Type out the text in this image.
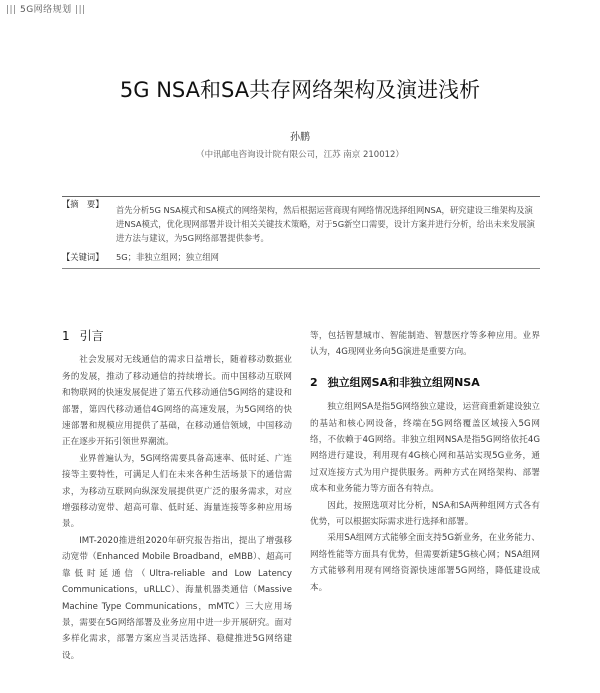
||| 5G网络规划 |||
5G NSA和SA共存网络架构及演进浅析
孙鹏
（中讯邮电咨询设计院有限公司，江苏 南京 210012）
【摘　要】
首先分析5G NSA模式和SA模式的网络架构，然后根据运营商现有网络情况选择组网NSA，研究建设三维架构及演进NSA模式，优化现网部署并设计相关关键技术策略，对于5G新空口需要，设计方案并进行分析，给出未来发展演进方法与建议，为5G网络部署提供参考。
【关键词】	5G；非独立组网；独立组网
1 引言

社会发展对无线通信的需求日益增长，随着移动数据业务的发展，推动了移动通信的持续增长。而中国移动互联网和物联网的快速发展促进了第五代移动通信5G网络的建设和部署，第四代移动通信4G网络的高速发展，为5G网络的快速部署和规模应用提供了基础，在移动通信领域，中国移动正在逐步开拓引领世界潮流。

业界普遍认为，5G网络需要具备高速率、低时延、广连接等主要特性，可满足人们在未来各种生活场景下的通信需求，为移动互联网向纵深发展提供更广泛的服务需求，对应增强移动宽带、超高可靠、低时延、海量连接等多种应用场景。

IMT-2020推进组2020年研究报告指出，提出了增强移动宽带（Enhanced Mobile Broadband，eMBB）、超高可靠低时延通信（Ultra-reliable and Low Latency Communications，uRLLC）、海量机器类通信（Massive Machine Type Communications，mMTC）三大应用场景，需要在5G网络部署及业务应用中进一步开展研究。面对多样化需求，部署方案应当灵活选择、稳健推进5G网络建设。

等，包括智慧城市、智能制造、智慧医疗等多种应用。业界认为，4G现网业务向5G演进是重要方向。

2 独立组网SA和非独立组网NSA

独立组网SA是指5G网络独立建设，运营商重新建设独立的基站和核心网设备，终端在5G网络覆盖区域接入5G网络，不依赖于4G网络。非独立组网NSA是指5G网络依托4G网络进行建设，利用现有4G核心网和基站实现5G业务，通过双连接方式为用户提供服务。两种方式在网络架构、部署成本和业务能力等方面各有特点。

因此，按照选项对比分析，NSA和SA两种组网方式各有优势，可以根据实际需求进行选择和部署。

采用SA组网方式能够全面支持5G新业务，在业务能力、网络性能等方面具有优势，但需要新建5G核心网；NSA组网方式能够利用现有网络资源快速部署5G网络，降低建设成本。
